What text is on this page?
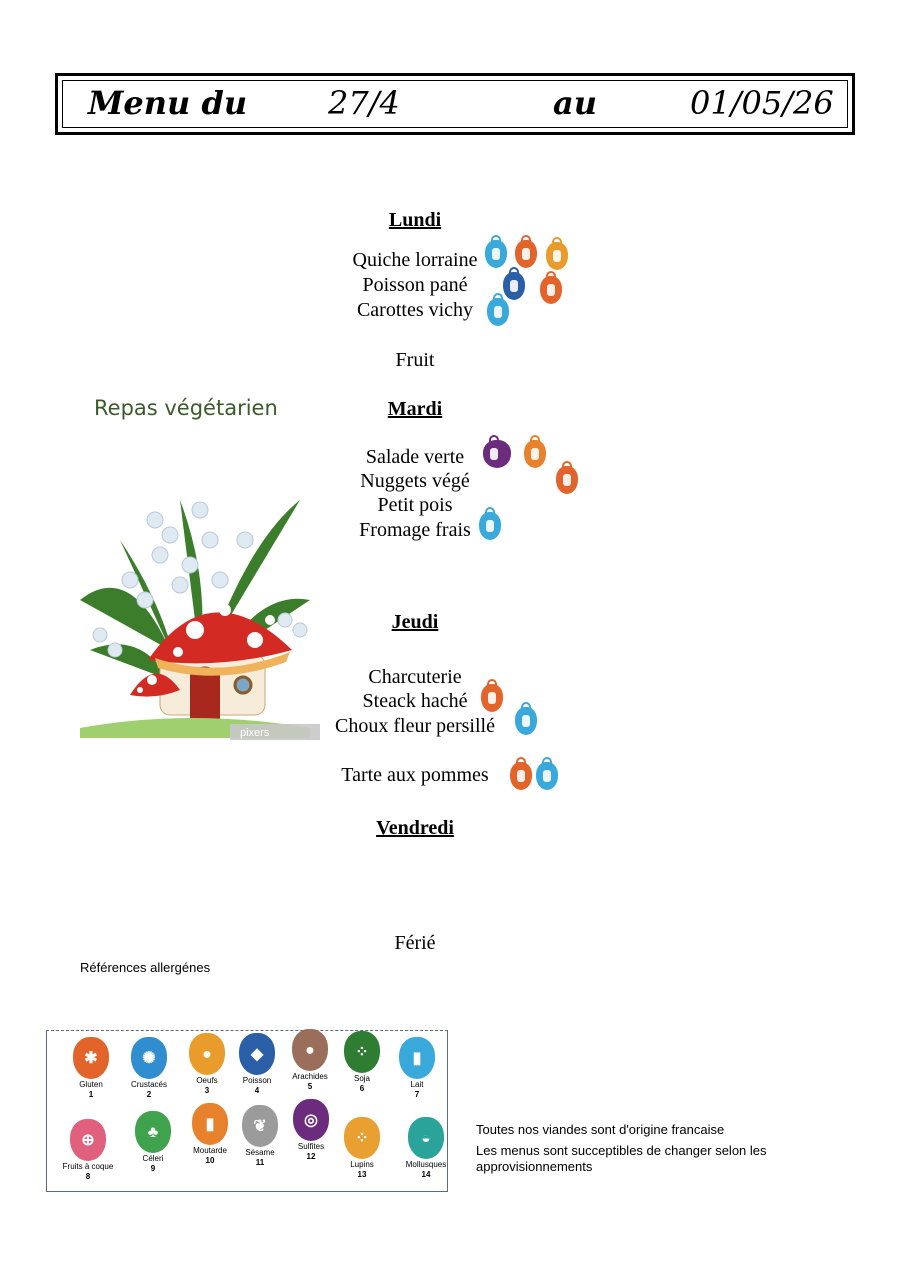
Menu du	27/4	au	01/05/26
Lundi
Quiche lorraine
Poisson pané
Carottes vichy
Fruit
Repas végétarien	Mardi
Salade verte
Nuggets végé
Petit pois
Fromage frais
pixers
Jeudi
Charcuterie
Steack haché
Choux fleur persillé
Tarte aux pommes
Vendredi
Férié
Références allergénes
✱
Gluten
1
✺
Crustacés
2
●
Oeufs
3
◆
Poisson
4
●
Arachides
5
⁘
Soja
6
▮
Lait
7
⊕
Fruits à coque
8
♣
Céleri
9
▮
Moutarde
10
❦
Sésame
11
◎
Sulfites
12
⁘
Lupins
13
◒
Mollusques
14
Toutes nos viandes sont d'origine francaise
Les menus sont succeptibles de changer selon les approvisionnements
